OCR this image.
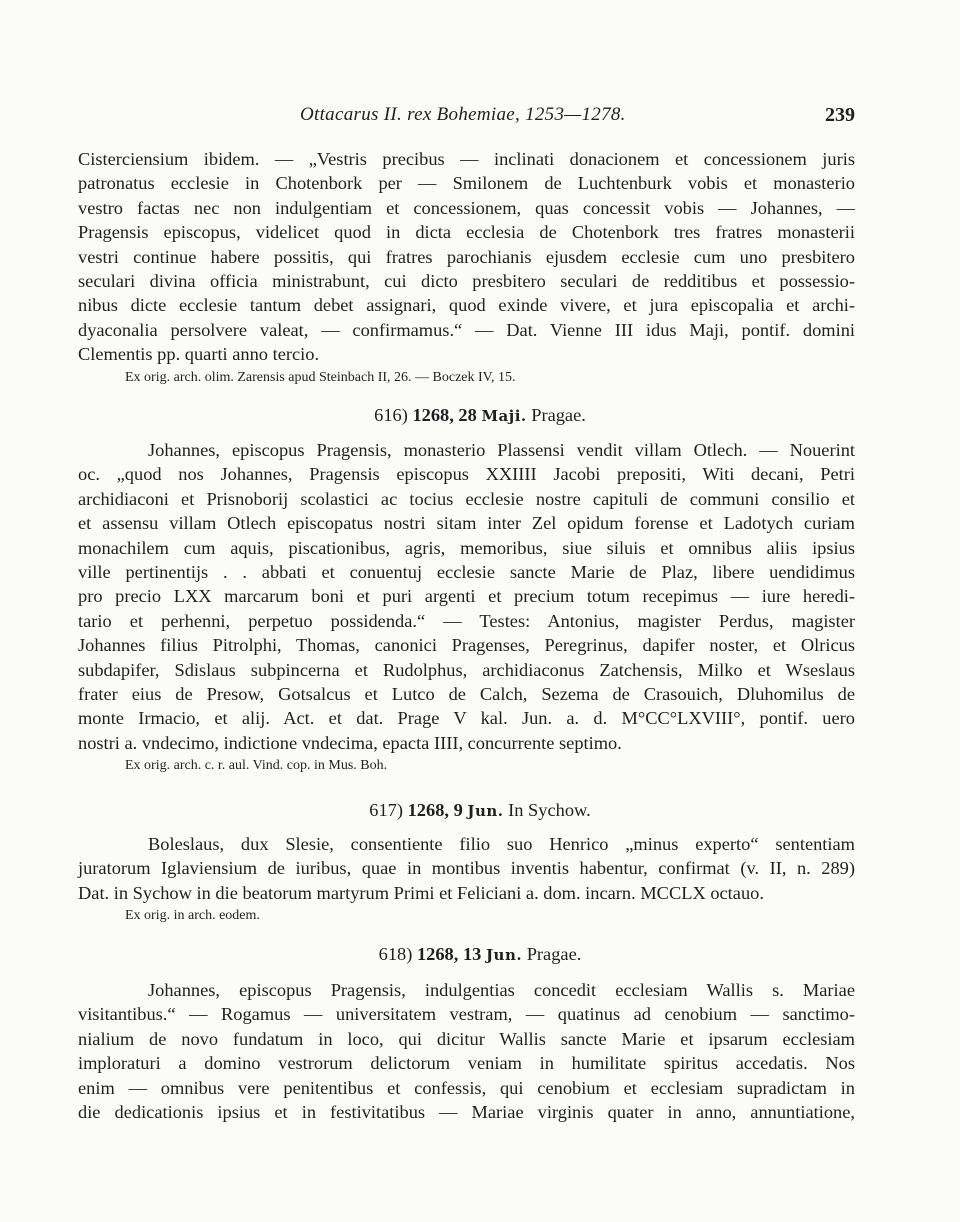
Ottacarus II. rex Bohemiae, 1253—1278.	239
Cisterciensium ibidem. — „Vestris precibus — inclinati donacionem et concessionem juris
patronatus ecclesie in Chotenbork per — Smilonem de Luchtenburk vobis et monasterio
vestro factas nec non indulgentiam et concessionem, quas concessit vobis — Johannes, —
Pragensis episcopus, videlicet quod in dicta ecclesia de Chotenbork tres fratres monasterii
vestri continue habere possitis, qui fratres parochianis ejusdem ecclesie cum uno presbitero
seculari divina officia ministrabunt, cui dicto presbitero seculari de redditibus et possessio-
nibus dicte ecclesie tantum debet assignari, quod exinde vivere, et jura episcopalia et archi-
dyaconalia persolvere valeat, — confirmamus.“ — Dat. Vienne III idus Maji, pontif. domini
Clementis pp. quarti anno tercio.
Ex orig. arch. olim. Zarensis apud Steinbach II, 26. — Boczek IV, 15.
616) 1268, 28 Maji. Pragae.
Johannes, episcopus Pragensis, monasterio Plassensi vendit villam Otlech. — Nouerint
oc. „quod nos Johannes, Pragensis episcopus XXIIII Jacobi prepositi, Witi decani, Petri
archidiaconi et Prisnoborij scolastici ac tocius ecclesie nostre capituli de communi consilio et
et assensu villam Otlech episcopatus nostri sitam inter Zel opidum forense et Ladotych curiam
monachilem cum aquis, piscationibus, agris, memoribus, siue siluis et omnibus aliis ipsius
ville pertinentijs . . abbati et conuentuj ecclesie sancte Marie de Plaz, libere uendidimus
pro precio LXX marcarum boni et puri argenti et precium totum recepimus — iure heredi-
tario et perhenni, perpetuo possidenda.“ — Testes: Antonius, magister Perdus, magister
Johannes filius Pitrolphi, Thomas, canonici Pragenses, Peregrinus, dapifer noster, et Olricus
subdapifer, Sdislaus subpincerna et Rudolphus, archidiaconus Zatchensis, Milko et Wseslaus
frater eius de Presow, Gotsalcus et Lutco de Calch, Sezema de Crasouich, Dluhomilus de
monte Irmacio, et alij. Act. et dat. Prage V kal. Jun. a. d. M°CC°LXVIII°, pontif. uero
nostri a. vndecimo, indictione vndecima, epacta IIII, concurrente septimo.
Ex orig. arch. c. r. aul. Vind. cop. in Mus. Boh.
617) 1268, 9 Jun. In Sychow.
Boleslaus, dux Slesie, consentiente filio suo Henrico „minus experto“ sententiam
juratorum Iglaviensium de iuribus, quae in montibus inventis habentur, confirmat (v. II, n. 289)
Dat. in Sychow in die beatorum martyrum Primi et Feliciani a. dom. incarn. MCCLX octauo.
Ex orig. in arch. eodem.
618) 1268, 13 Jun. Pragae.
Johannes, episcopus Pragensis, indulgentias concedit ecclesiam Wallis s. Mariae
visitantibus.“ — Rogamus — universitatem vestram, — quatinus ad cenobium — sanctimo-
nialium de novo fundatum in loco, qui dicitur Wallis sancte Marie et ipsarum ecclesiam
imploraturi a domino vestrorum delictorum veniam in humilitate spiritus accedatis. Nos
enim — omnibus vere penitentibus et confessis, qui cenobium et ecclesiam supradictam in
die dedicationis ipsius et in festivitatibus — Mariae virginis quater in anno, annuntiatione,
